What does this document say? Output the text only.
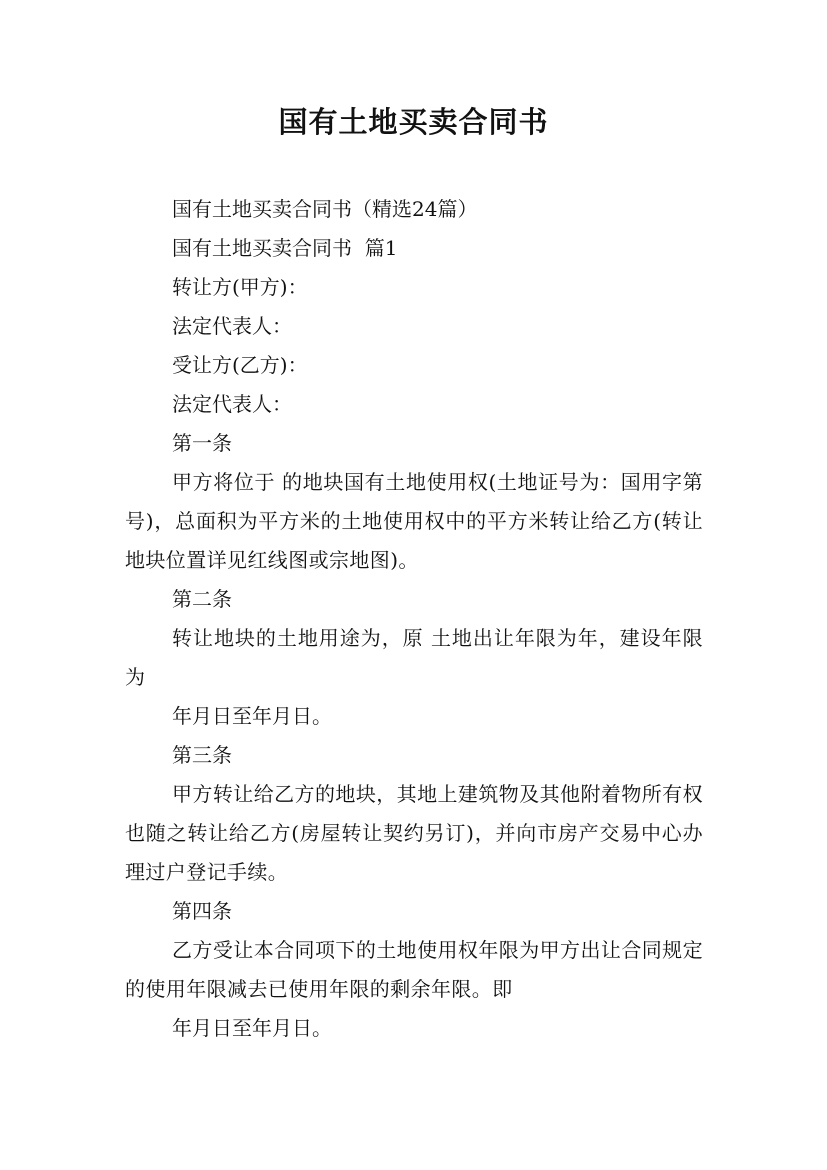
国有土地买卖合同书

国有土地买卖合同书（精选24篇）

国有土地买卖合同书  篇1

转让方(甲方)：

法定代表人：

受让方(乙方)：

法定代表人：

第一条

甲方将位于 的地块国有土地使用权(土地证号为：国用字第号)，总面积为平方米的土地使用权中的平方米转让给乙方(转让地块位置详见红线图或宗地图)。

第二条

转让地块的土地用途为，原 土地出让年限为年，建设年限为

年月日至年月日。

第三条

甲方转让给乙方的地块，其地上建筑物及其他附着物所有权也随之转让给乙方(房屋转让契约另订)，并向市房产交易中心办理过户登记手续。

第四条

乙方受让本合同项下的土地使用权年限为甲方出让合同规定的使用年限减去已使用年限的剩余年限。即

年月日至年月日。
